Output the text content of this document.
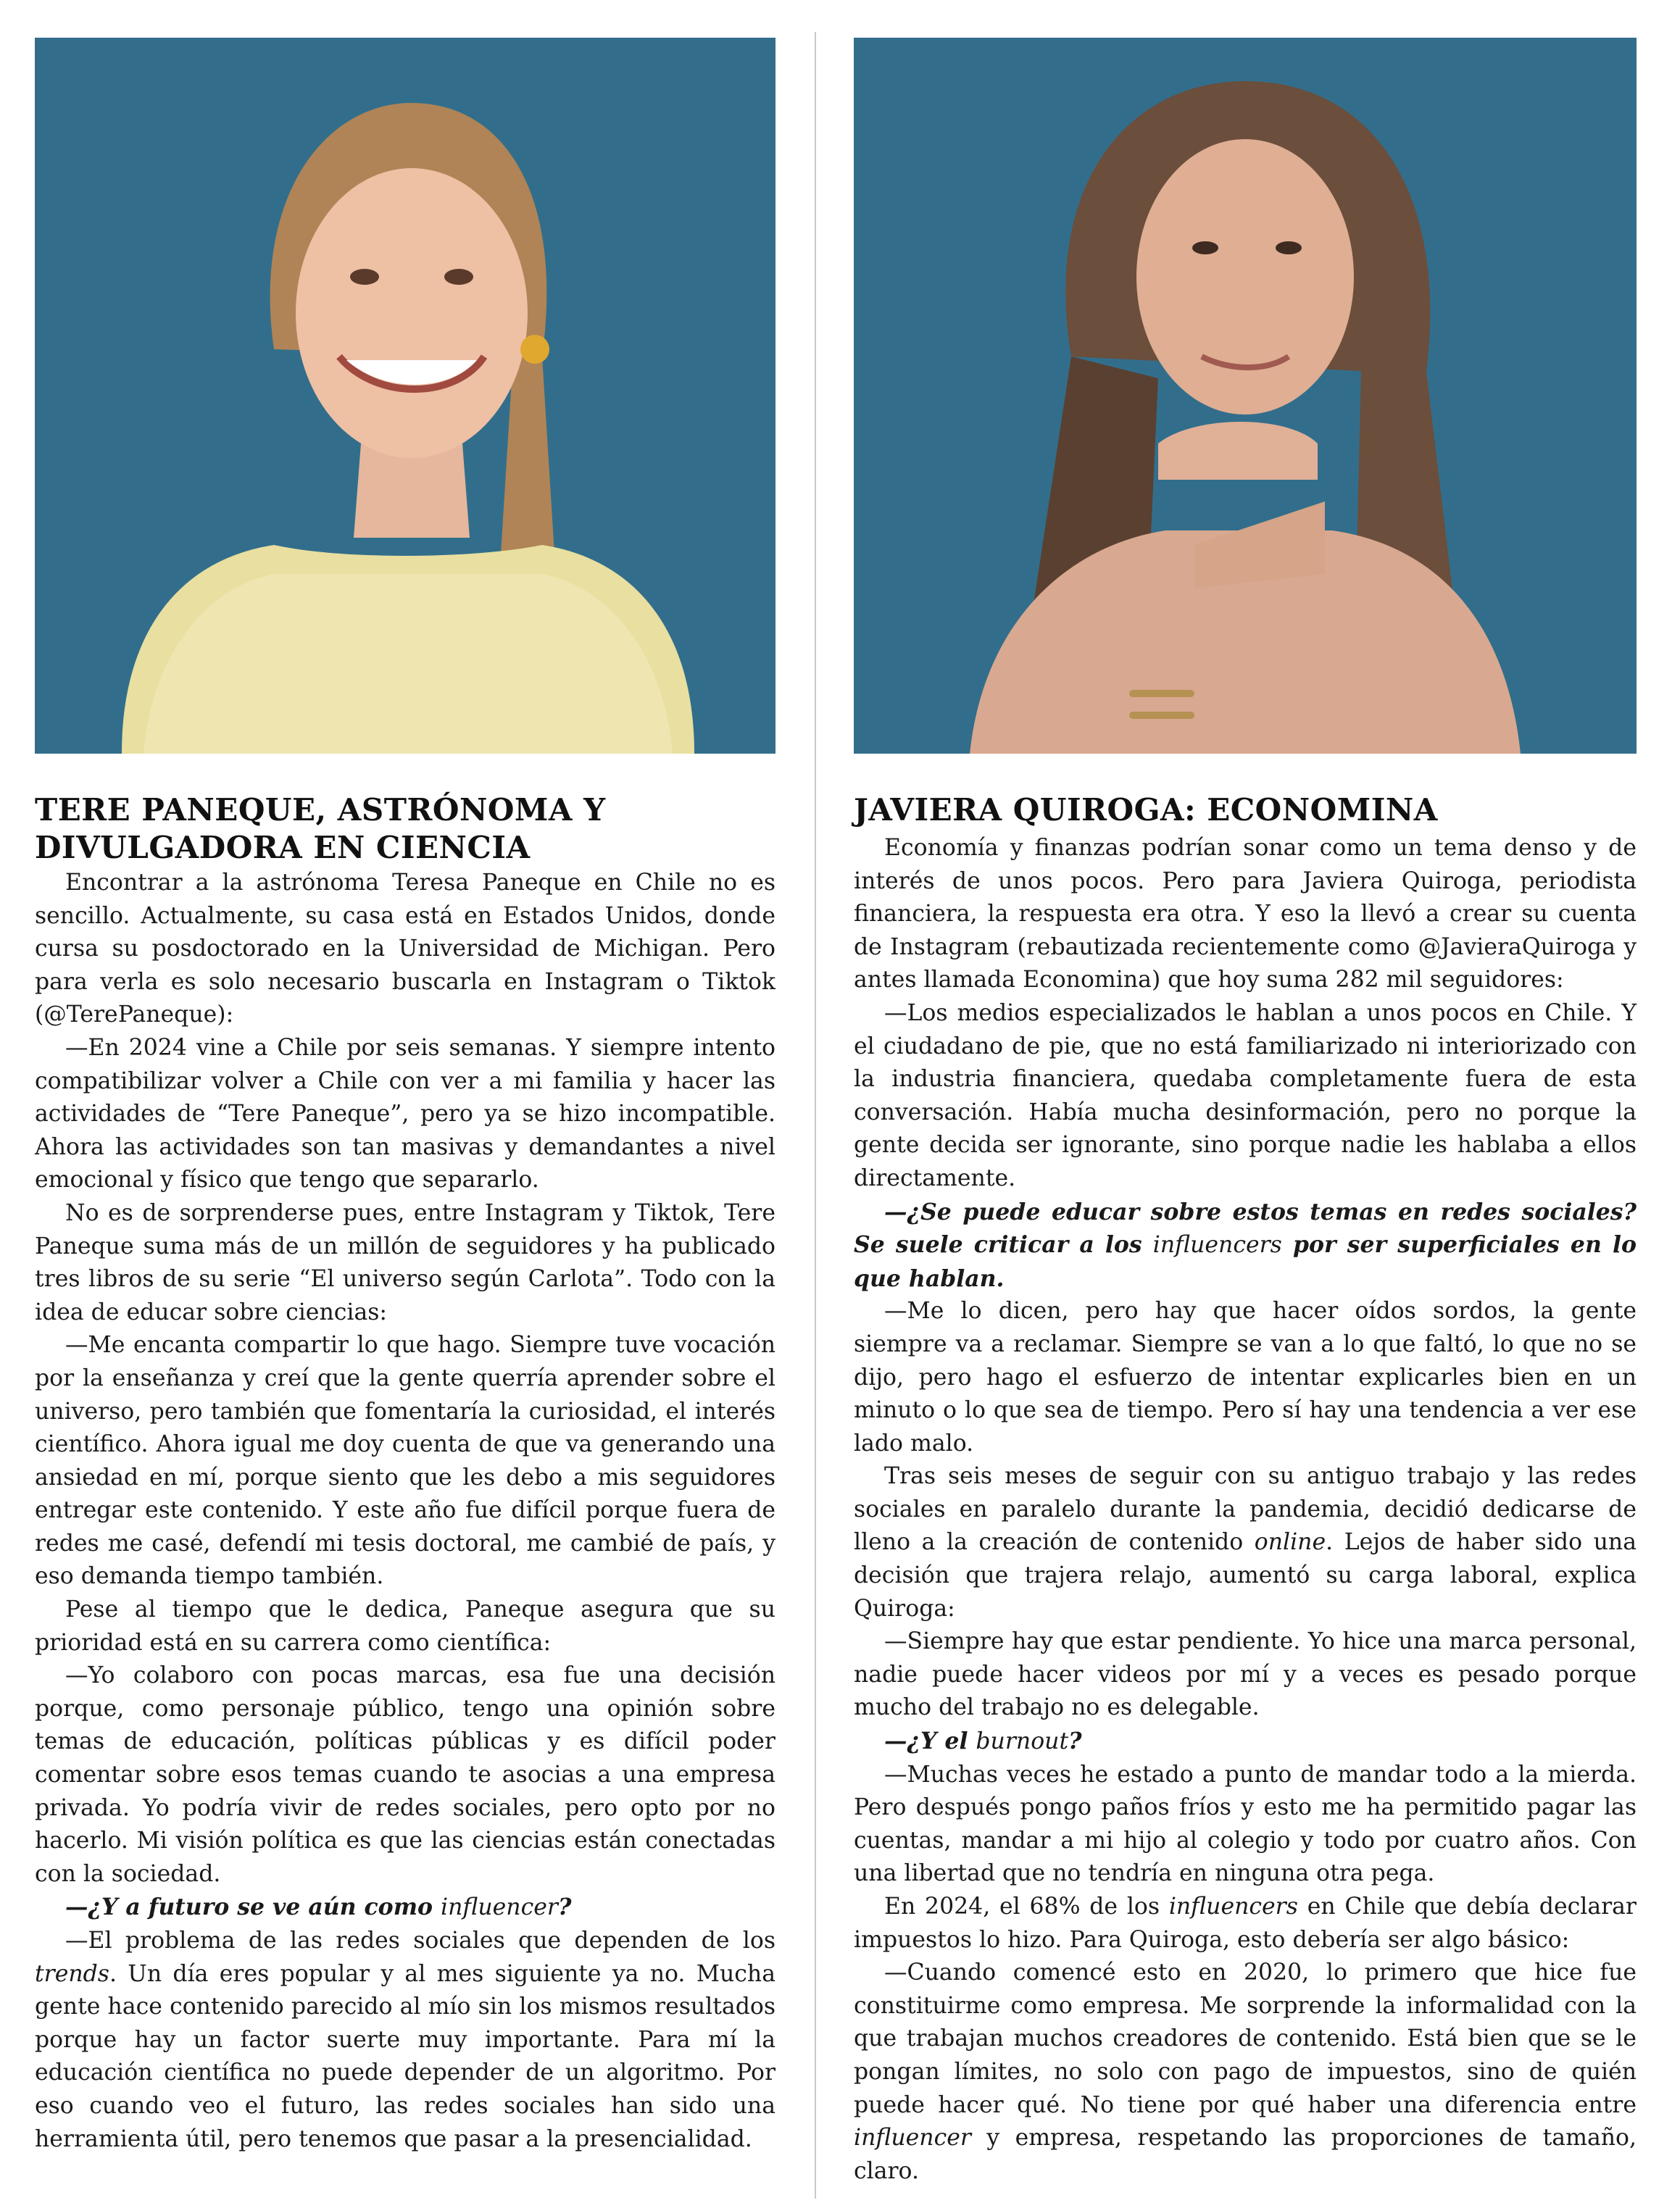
TERE PANEQUE, ASTRÓNOMA Y
DIVULGADORA EN CIENCIA

Encontrar a la astrónoma Teresa Paneque en Chile no es sencillo. Actualmente, su casa está en Estados Unidos, donde cursa su posdoctorado en la Universidad de Michigan. Pero para verla es solo necesario buscarla en Instagram o Tiktok (@TerePaneque):

—En 2024 vine a Chile por seis semanas. Y siempre intento compatibilizar volver a Chile con ver a mi familia y hacer las actividades de “Tere Paneque”, pero ya se hizo incompatible. Ahora las actividades son tan masivas y demandantes a nivel emocional y físico que tengo que separarlo.

No es de sorprenderse pues, entre Instagram y Tiktok, Tere Paneque suma más de un millón de seguidores y ha publicado tres libros de su serie “El universo según Carlota”. Todo con la idea de educar sobre ciencias:

—Me encanta compartir lo que hago. Siempre tuve vocación por la enseñanza y creí que la gente querría aprender sobre el universo, pero también que fomentaría la curiosidad, el interés científico. Ahora igual me doy cuenta de que va generando una ansiedad en mí, porque siento que les debo a mis seguidores entregar este contenido. Y este año fue difícil porque fuera de redes me casé, defendí mi tesis doctoral, me cambié de país, y eso demanda tiempo también.

Pese al tiempo que le dedica, Paneque asegura que su prioridad está en su carrera como científica:

—Yo colaboro con pocas marcas, esa fue una decisión porque, como personaje público, tengo una opinión sobre temas de educación, políticas públicas y es difícil poder comentar sobre esos temas cuando te asocias a una empresa privada. Yo podría vivir de redes sociales, pero opto por no hacerlo. Mi visión política es que las ciencias están conectadas con la sociedad.

—¿Y a futuro se ve aún como influencer?

—El problema de las redes sociales que dependen de los trends. Un día eres popular y al mes siguiente ya no. Mucha gente hace contenido parecido al mío sin los mismos resultados porque hay un factor suerte muy importante. Para mí la educación científica no puede depender de un algoritmo. Por eso cuando veo el futuro, las redes sociales han sido una herramienta útil, pero tenemos que pasar a la presencialidad.

JAVIERA QUIROGA: ECONOMINA

Economía y finanzas podrían sonar como un tema denso y de interés de unos pocos. Pero para Javiera Quiroga, periodista financiera, la respuesta era otra. Y eso la llevó a crear su cuenta de Instagram (rebautizada recientemente como @JavieraQuiroga y antes llamada Economina) que hoy suma 282 mil seguidores:

—Los medios especializados le hablan a unos pocos en Chile. Y el ciudadano de pie, que no está familiarizado ni interiorizado con la industria financiera, quedaba completamente fuera de esta conversación. Había mucha desinformación, pero no porque la gente decida ser ignorante, sino porque nadie les hablaba a ellos directamente.

—¿Se puede educar sobre estos temas en redes sociales? Se suele criticar a los influencers por ser superficiales en lo que hablan.

—Me lo dicen, pero hay que hacer oídos sordos, la gente siempre va a reclamar. Siempre se van a lo que faltó, lo que no se dijo, pero hago el esfuerzo de intentar explicarles bien en un minuto o lo que sea de tiempo. Pero sí hay una tendencia a ver ese lado malo.

Tras seis meses de seguir con su antiguo trabajo y las redes sociales en paralelo durante la pandemia, decidió dedicarse de lleno a la creación de contenido online. Lejos de haber sido una decisión que trajera relajo, aumentó su carga laboral, explica Quiroga:

—Siempre hay que estar pendiente. Yo hice una marca personal, nadie puede hacer videos por mí y a veces es pesado porque mucho del trabajo no es delegable.

—¿Y el burnout?

—Muchas veces he estado a punto de mandar todo a la mierda. Pero después pongo paños fríos y esto me ha permitido pagar las cuentas, mandar a mi hijo al colegio y todo por cuatro años. Con una libertad que no tendría en ninguna otra pega.

En 2024, el 68% de los influencers en Chile que debía declarar impuestos lo hizo. Para Quiroga, esto debería ser algo básico:

—Cuando comencé esto en 2020, lo primero que hice fue constituirme como empresa. Me sorprende la informalidad con la que trabajan muchos creadores de contenido. Está bien que se le pongan límites, no solo con pago de impuestos, sino de quién puede hacer qué. No tiene por qué haber una diferencia entre influencer y empresa, respetando las proporciones de tamaño, claro.
